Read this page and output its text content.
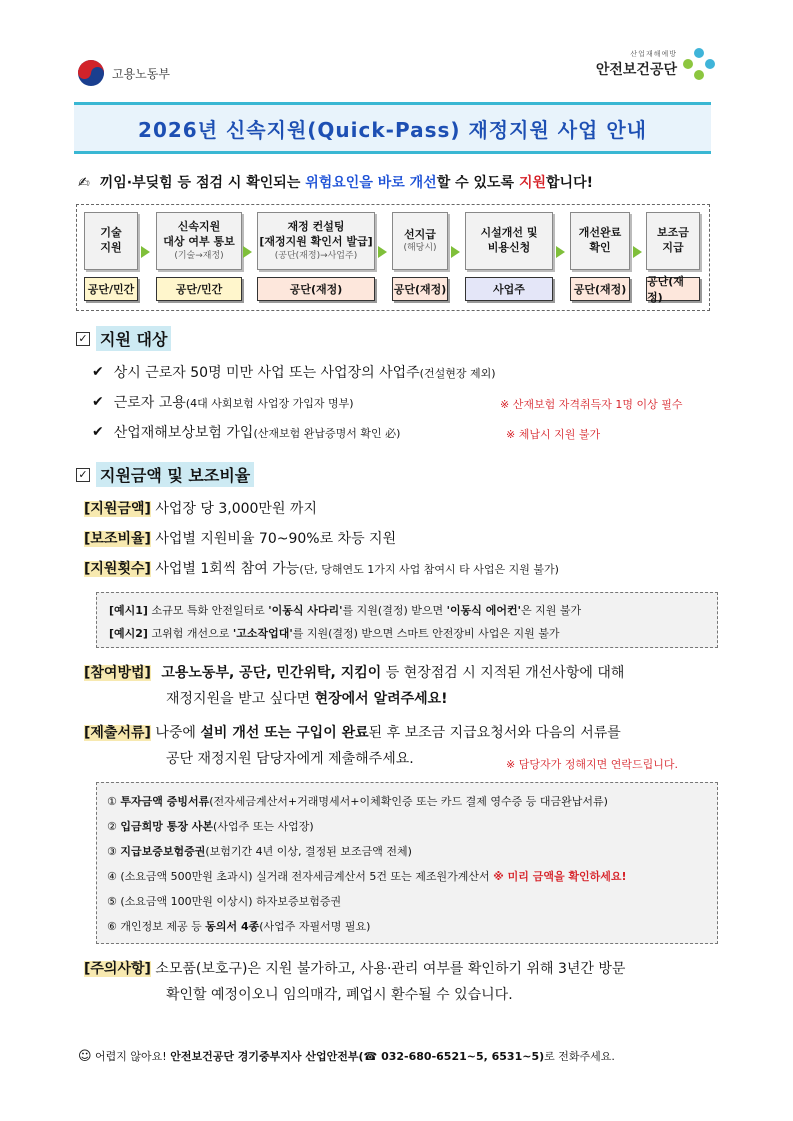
고용노동부
산업재해예방
안전보건공단
2026년 신속지원(Quick-Pass) 재정지원 사업 안내
✍ 끼임·부딪힘 등 점검 시 확인되는 위험요인을 바로 개선할 수 있도록 지원합니다!
기술
지원
신속지원
대상 여부 통보
(기술→재정)
재정 컨설팅
[재정지원 확인서 발급]
(공단(재정)→사업주)
선지급
(해당시)
시설개선 및
비용신청
개선완료
확인
보조금
지급
공단/민간	공단/민간	공단(재정)	공단(재정)	사업주	공단(재정)
공단(재정)
✓ 지원 대상
✔ 상시 근로자 50명 미만 사업 또는 사업장의 사업주(건설현장 제외)
✔ 근로자 고용(4대 사회보험 사업장 가입자 명부)	※ 산재보험 자격취득자 1명 이상 필수
✔ 산업재해보상보험 가입(산재보험 완납증명서 확인 必)	※ 체납시 지원 불가
✓ 지원금액 및 보조비율
[지원금액] 사업장 당 3,000만원 까지
[보조비율] 사업별 지원비율 70~90%로 차등 지원
[지원횟수] 사업별 1회씩 참여 가능(단, 당해연도 1가지 사업 참여시 타 사업은 지원 불가)
[예시1] 소규모 특화 안전일터로 '이동식 사다리'를 지원(결정) 받으면 '이동식 에어컨'은 지원 불가
[예시2] 고위험 개선으로 '고소작업대'를 지원(결정) 받으면 스마트 안전장비 사업은 지원 불가
[참여방법] 고용노동부, 공단, 민간위탁, 지킴이 등 현장점검 시 지적된 개선사항에 대해
재정지원을 받고 싶다면 현장에서 알려주세요!
[제출서류] 나중에 설비 개선 또는 구입이 완료된 후 보조금 지급요청서와 다음의 서류를
공단 재정지원 담당자에게 제출해주세요.	※ 담당자가 정해지면 연락드립니다.
① 투자금액 증빙서류(전자세금계산서+거래명세서+이체확인증 또는 카드 결제 영수증 등 대금완납서류)
② 입금희망 통장 사본(사업주 또는 사업장)
③ 지급보증보험증권(보험기간 4년 이상, 결정된 보조금액 전체)
④ (소요금액 500만원 초과시) 실거래 전자세금계산서 5건 또는 제조원가계산서 ※ 미리 금액을 확인하세요!
⑤ (소요금액 100만원 이상시) 하자보증보험증권
⑥ 개인정보 제공 등 동의서 4종(사업주 자필서명 필요)
[주의사항] 소모품(보호구)은 지원 불가하고, 사용·관리 여부를 확인하기 위해 3년간 방문
확인할 예정이오니 임의매각, 폐업시 환수될 수 있습니다.
☺ 어렵지 않아요! 안전보건공단 경기중부지사 산업안전부(☎ 032-680-6521~5, 6531~5)로 전화주세요.
